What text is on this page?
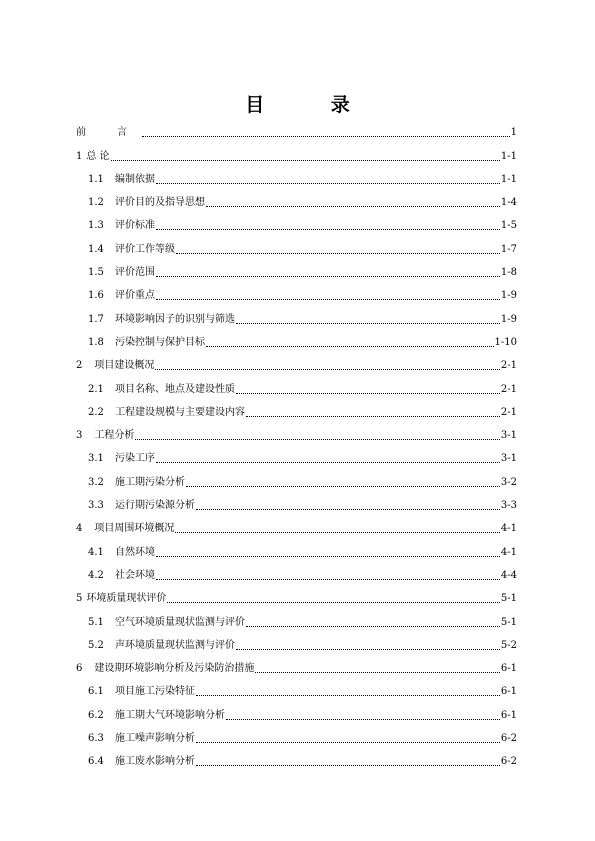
目 录
前 言	1
1 总 论	1-1
1.1	编制依据	1-1
1.2	评价目的及指导思想	1-4
1.3	评价标准	1-5
1.4	评价工作等级	1-7
1.5	评价范围	1-8
1.6	评价重点	1-9
1.7	环境影响因子的识别与筛选	1-9
1.8	污染控制与保护目标	1-10
2 项目建设概况	2-1
2.1	项目名称、地点及建设性质	2-1
2.2	工程建设规模与主要建设内容	2-1
3 工程分析	3-1
3.1	污染工序	3-1
3.2	施工期污染分析	3-2
3.3	运行期污染源分析	3-3
4 项目周围环境概况	4-1
4.1	自然环境	4-1
4.2	社会环境	4-4
5 环境质量现状评价	5-1
5.1	空气环境质量现状监测与评价	5-1
5.2	声环境质量现状监测与评价	5-2
6 建设期环境影响分析及污染防治措施	6-1
6.1	项目施工污染特征	6-1
6.2	施工期大气环境影响分析	6-1
6.3	施工噪声影响分析	6-2
6.4	施工废水影响分析	6-2
